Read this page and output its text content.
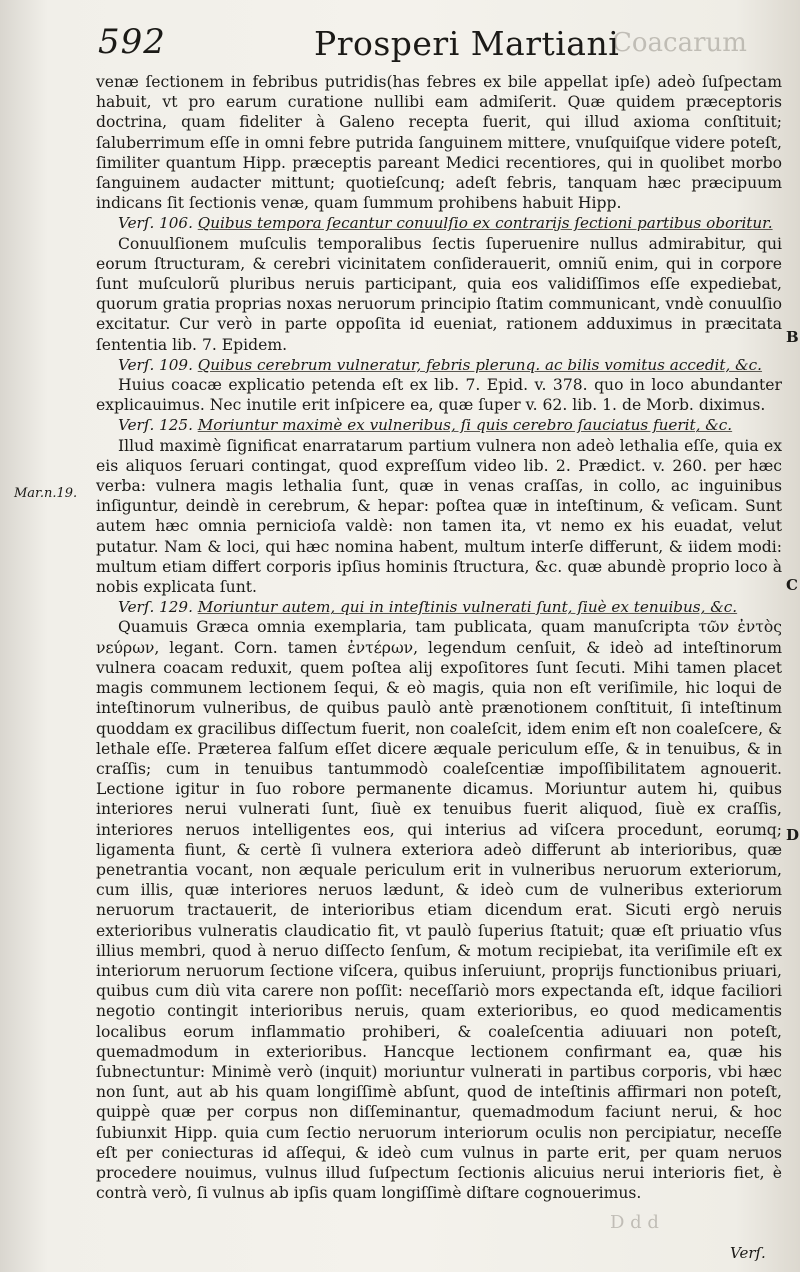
Coacarum
D d d
592	Prosperi Martiani

venæ ſectionem in febribus putridis(has febres ex bile appellat ipſe) adeò ſuſpectam habuit, vt pro earum curatione nullibi eam admiſerit. Quæ quidem præceptoris doctrina, quam fideliter à Galeno recepta fuerit, qui illud axioma conſtituit; ſaluberrimum eſſe in omni febre putrida ſanguinem mittere, vnuſquiſque videre poteſt, ſimiliter quantum Hipp. præceptis pareant Medici recentiores, qui in quolibet morbo ſanguinem audacter mittunt; quotieſcunq; adeſt febris, tanquam hæc præcipuum indicans ſit ſectionis venæ, quam ſummum prohibens habuit Hipp.

Verſ. 106. Quibus tempora ſecantur conuulſio ex contrarijs ſectioni partibus oboritur.

Conuulſionem muſculis temporalibus ſectis ſuperuenire nullus admirabitur, qui eorum ſtructuram, & cerebri vicinitatem conſiderauerit, omniũ enim, qui in corpore ſunt muſculorũ pluribus neruis participant, quia eos validiſſimos eſſe expediebat, quorum gratia proprias noxas neruorum principio ſtatim communicant, vndè conuulſio excitatur. Cur verò in parte oppoſita id eueniat, rationem adduximus in præcitata ſententia lib. 7. Epidem.

Verſ. 109. Quibus cerebrum vulneratur, febris plerunq. ac bilis vomitus accedit, &c.

Huius coacæ explicatio petenda eſt ex lib. 7. Epid. v. 378. quo in loco abundanter explicauimus. Nec inutile erit inſpicere ea, quæ ſuper v. 62. lib. 1. de Morb. diximus.

Verſ. 125. Moriuntur maximè ex vulneribus, ſi quis cerebro ſauciatus fuerit, &c.

Illud maximè ſignificat enarratarum partium vulnera non adeò lethalia eſſe, quia ex eis aliquos ſeruari contingat, quod expreſſum video lib. 2. Prædict. v. 260. per hæc verba: vulnera magis lethalia ſunt, quæ in venas craſſas, in collo, ac inguinibus inſiguntur, deindè in cerebrum, & hepar: poſtea quæ in inteſtinum, & veſicam. Sunt autem hæc omnia pernicioſa valdè: non tamen ita, vt nemo ex his euadat, velut putatur. Nam & loci, qui hæc nomina habent, multum interſe differunt, & iidem modi: multum etiam differt corporis ipſius hominis ſtructura, &c. quæ abundè proprio loco à nobis explicata ſunt.

Verſ. 129. Moriuntur autem, qui in inteſtinis vulnerati ſunt, ſiuè ex tenuibus, &c.

Quamuis Græca omnia exemplaria, tam publicata, quam manuſcripta τῶν ἐντὸς νεύρων, legant. Corn. tamen ἐντέρων, legendum cenſuit, & ideò ad inteſtinorum vulnera coacam reduxit, quem poſtea alij expoſitores ſunt ſecuti. Mihi tamen placet magis communem lectionem ſequi, & eò magis, quia non eſt veriſimile, hic loqui de inteſtinorum vulneribus, de quibus paulò antè prænotionem conſtituit, ſi inteſtinum quoddam ex gracilibus diſſectum fuerit, non coaleſcit, idem enim eſt non coaleſcere, & lethale eſſe. Præterea falſum eſſet dicere æquale periculum eſſe, & in tenuibus, & in craſſis; cum in tenuibus tantummodò coaleſcentiæ impoſſibilitatem agnouerit. Lectione igitur in ſuo robore permanente dicamus. Moriuntur autem hi, quibus interiores nerui vulnerati ſunt, ſiuè ex tenuibus fuerit aliquod, ſiuè ex craſſis, interiores neruos intelligentes eos, qui interius ad viſcera procedunt, eorumq; ligamenta fiunt, & certè ſi vulnera exteriora adeò differunt ab interioribus, quæ penetrantia vocant, non æquale periculum erit in vulneribus neruorum exteriorum, cum illis, quæ interiores neruos lædunt, & ideò cum de vulneribus exteriorum neruorum tractauerit, de interioribus etiam dicendum erat. Sicuti ergò neruis exterioribus vulneratis claudicatio fit, vt paulò ſuperius ſtatuit; quæ eſt priuatio vſus illius membri, quod à neruo diſſecto ſenſum, & motum recipiebat, ita veriſimile eſt ex interiorum neruorum ſectione viſcera, quibus inſeruiunt, proprijs functionibus priuari, quibus cum diù vita carere non poſſit: neceſſariò mors expectanda eſt, idque faciliori negotio contingit interioribus neruis, quam exterioribus, eo quod medicamentis localibus eorum inflammatio prohiberi, & coaleſcentia adiuuari non poteſt, quemadmodum in exterioribus. Hancque lectionem confirmant ea, quæ his ſubnectuntur: Minimè verò (inquit) moriuntur vulnerati in partibus corporis, vbi hæc non ſunt, aut ab his quam longiſſimè abſunt, quod de inteſtinis affirmari non poteſt, quippè quæ per corpus non diſſeminantur, quemadmodum faciunt nerui, & hoc ſubiunxit Hipp. quia cum ſectio neruorum interiorum oculis non percipiatur, neceſſe eſt per coniecturas id aſſequi, & ideò cum vulnus in parte erit, per quam neruos procedere nouimus, vulnus illud ſuſpectum ſectionis alicuius nerui interioris fiet, è contrà verò, ſi vulnus ab ipſis quam longiſſimè diſtare cognouerimus.

Mar.n.19.
B
C
D
Verſ.
